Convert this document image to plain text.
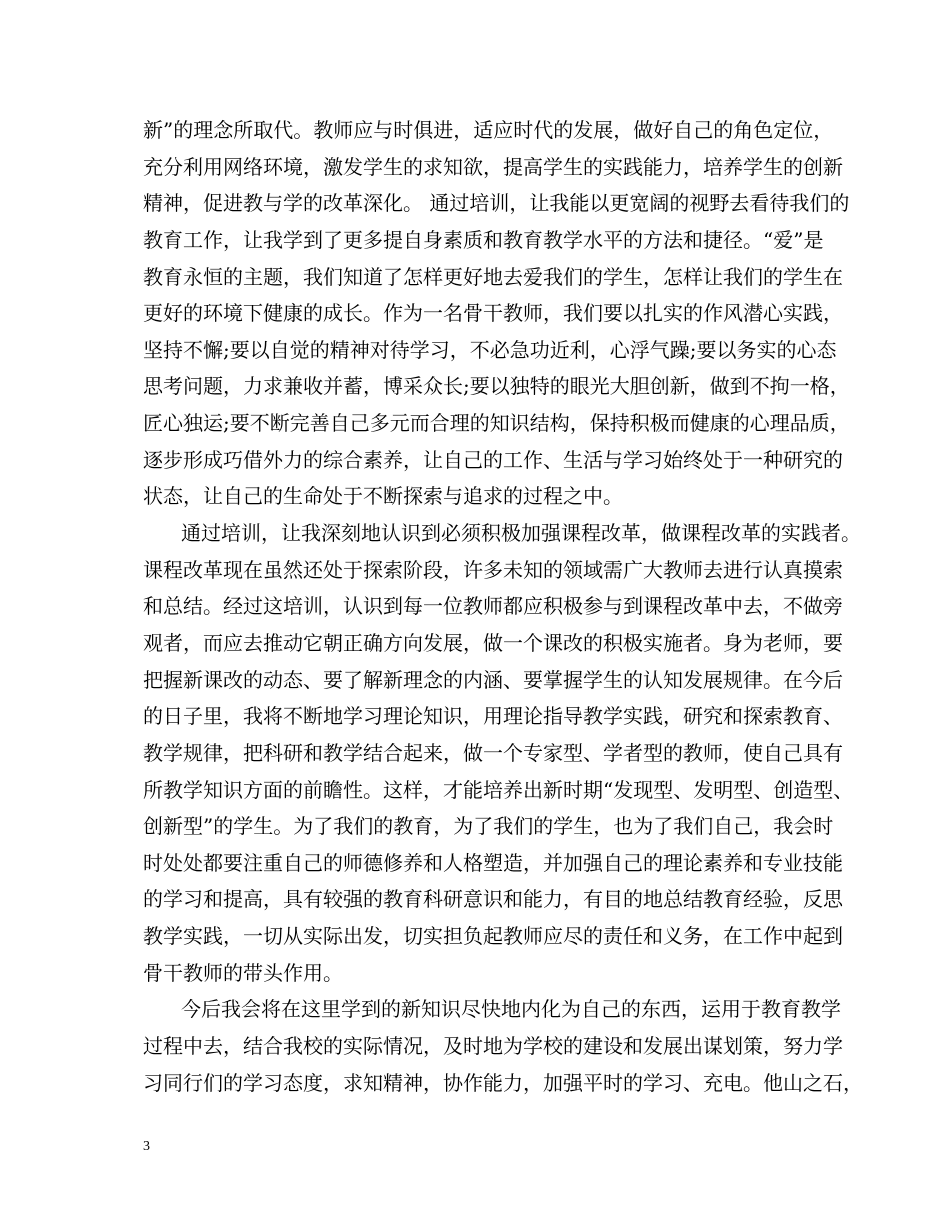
新”的理念所取代。教师应与时俱进，适应时代的发展，做好自己的角色定位，
充分利用网络环境，激发学生的求知欲，提高学生的实践能力，培养学生的创新
精神，促进教与学的改革深化。 通过培训，让我能以更宽阔的视野去看待我们的
教育工作，让我学到了更多提自身素质和教育教学水平的方法和捷径。“爱”是
教育永恒的主题，我们知道了怎样更好地去爱我们的学生，怎样让我们的学生在
更好的环境下健康的成长。作为一名骨干教师，我们要以扎实的作风潜心实践，
坚持不懈;要以自觉的精神对待学习，不必急功近利，心浮气躁;要以务实的心态
思考问题，力求兼收并蓄，博采众长;要以独特的眼光大胆创新，做到不拘一格，
匠心独运;要不断完善自己多元而合理的知识结构，保持积极而健康的心理品质，
逐步形成巧借外力的综合素养，让自己的工作、生活与学习始终处于一种研究的
状态，让自己的生命处于不断探索与追求的过程之中。
通过培训，让我深刻地认识到必须积极加强课程改革，做课程改革的实践者。
课程改革现在虽然还处于探索阶段，许多未知的领域需广大教师去进行认真摸索
和总结。经过这培训，认识到每一位教师都应积极参与到课程改革中去，不做旁
观者，而应去推动它朝正确方向发展，做一个课改的积极实施者。身为老师，要
把握新课改的动态、要了解新理念的内涵、要掌握学生的认知发展规律。在今后
的日子里，我将不断地学习理论知识，用理论指导教学实践，研究和探索教育、
教学规律，把科研和教学结合起来，做一个专家型、学者型的教师，使自己具有
所教学知识方面的前瞻性。这样，才能培养出新时期“发现型、发明型、创造型、
创新型”的学生。为了我们的教育，为了我们的学生，也为了我们自己，我会时
时处处都要注重自己的师德修养和人格塑造，并加强自己的理论素养和专业技能
的学习和提高，具有较强的教育科研意识和能力，有目的地总结教育经验，反思
教学实践，一切从实际出发，切实担负起教师应尽的责任和义务，在工作中起到
骨干教师的带头作用。
今后我会将在这里学到的新知识尽快地内化为自己的东西，运用于教育教学
过程中去，结合我校的实际情况，及时地为学校的建设和发展出谋划策，努力学
习同行们的学习态度，求知精神，协作能力，加强平时的学习、充电。他山之石，
3
